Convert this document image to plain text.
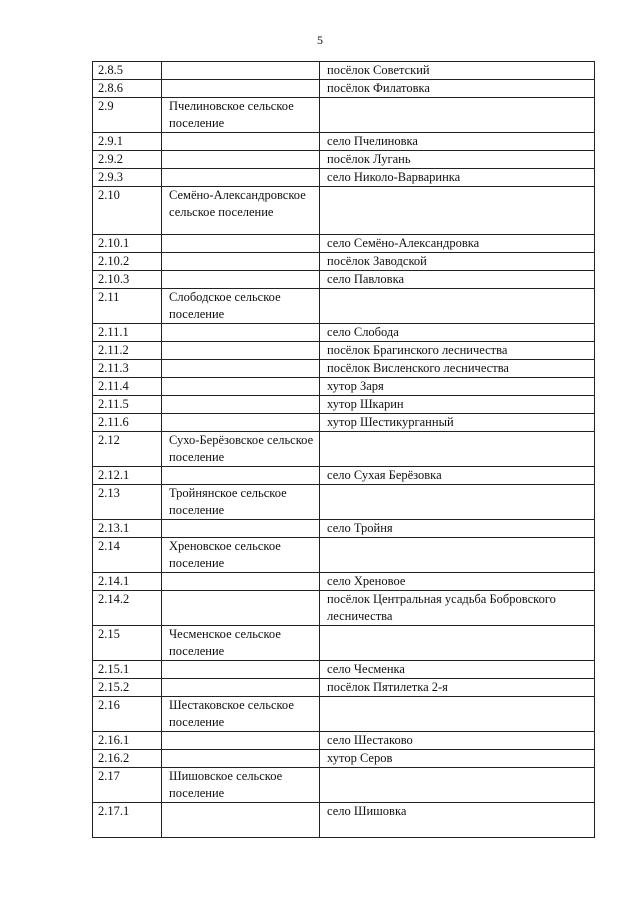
5
2.8.5		посёлок Советский
2.8.6		посёлок Филатовка
2.9	Пчелиновское сельское поселение	
2.9.1		село Пчелиновка
2.9.2		посёлок Лугань
2.9.3		село Николо-Варваринка
2.10	Семёно-Александровское сельское поселение	
2.10.1		село Семёно-Александровка
2.10.2		посёлок Заводской
2.10.3		село Павловка
2.11	Слободское сельское поселение	
2.11.1		село Слобода
2.11.2		посёлок Брагинского лесничества
2.11.3		посёлок Висленского лесничества
2.11.4		хутор Заря
2.11.5		хутор Шкарин
2.11.6		хутор Шестикурганный
2.12	Сухо-Берёзовское сельское поселение	
2.12.1		село Сухая Берёзовка
2.13	Тройнянское сельское поселение	
2.13.1		село Тройня
2.14	Хреновское сельское поселение	
2.14.1		село Хреновое
2.14.2		посёлок Центральная усадьба Бобровского лесничества
2.15	Чесменское сельское поселение	
2.15.1		село Чесменка
2.15.2		посёлок Пятилетка 2-я
2.16	Шестаковское сельское поселение	
2.16.1		село Шестаково
2.16.2		хутор Серов
2.17	Шишовское сельское поселение	
2.17.1		село Шишовка
